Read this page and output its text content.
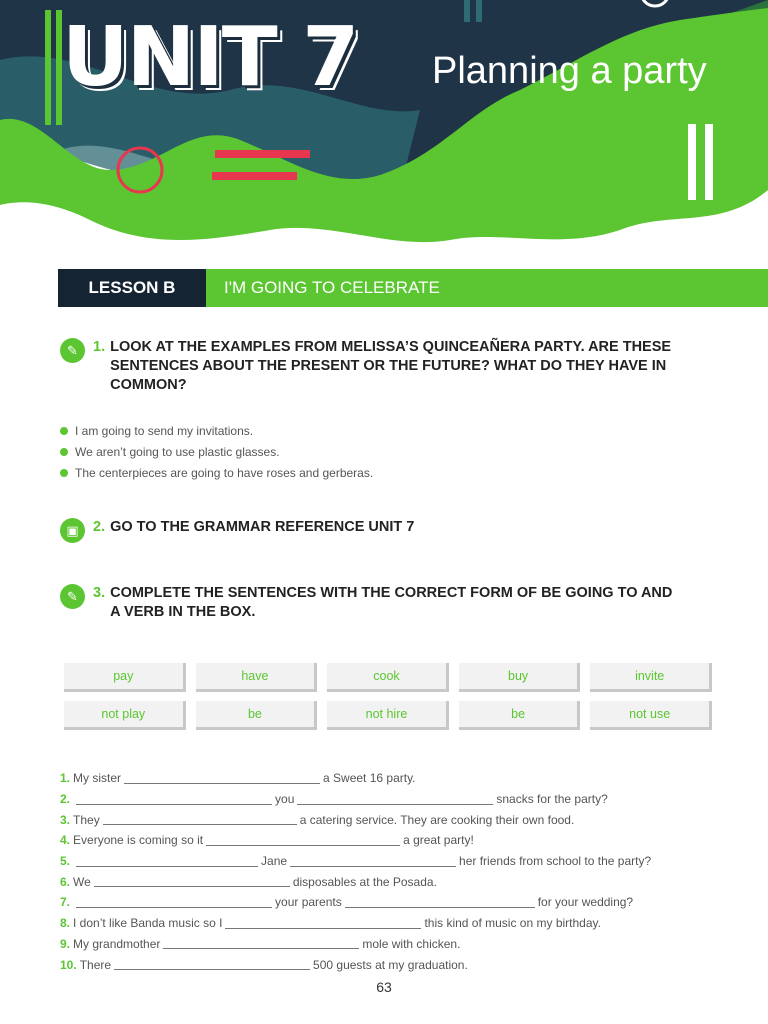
UNIT 7 Planning a party
LESSON B	I'M GOING TO CELEBRATE
✎	1. LOOK AT THE EXAMPLES FROM MELISSA’S QUINCEAÑERA PARTY. ARE THESE
SENTENCES ABOUT THE PRESENT OR THE FUTURE? WHAT DO THEY HAVE IN
COMMON?
I am going to send my invitations.
We aren’t going to use plastic glasses.
The centerpieces are going to have roses and gerberas.
▣ 2. GO TO THE GRAMMAR REFERENCE UNIT 7
✎	3. COMPLETE THE SENTENCES WITH THE CORRECT FORM OF BE GOING TO AND
A VERB IN THE BOX.
pay	have	cook	buy	invite
not play	be	not hire	be	not use
1. My sister	a Sweet 16 party.
2.	you	snacks for the party?
3. They	a catering service. They are cooking their own food.
4. Everyone is coming so it	a great party!
5.	Jane	her friends from school to the party?
6. We	disposables at the Posada.
7.	your parents	for your wedding?
8. I don’t like Banda music so I	this kind of music on my birthday.
9. My grandmother	mole with chicken.
10. There	500 guests at my graduation.
63
